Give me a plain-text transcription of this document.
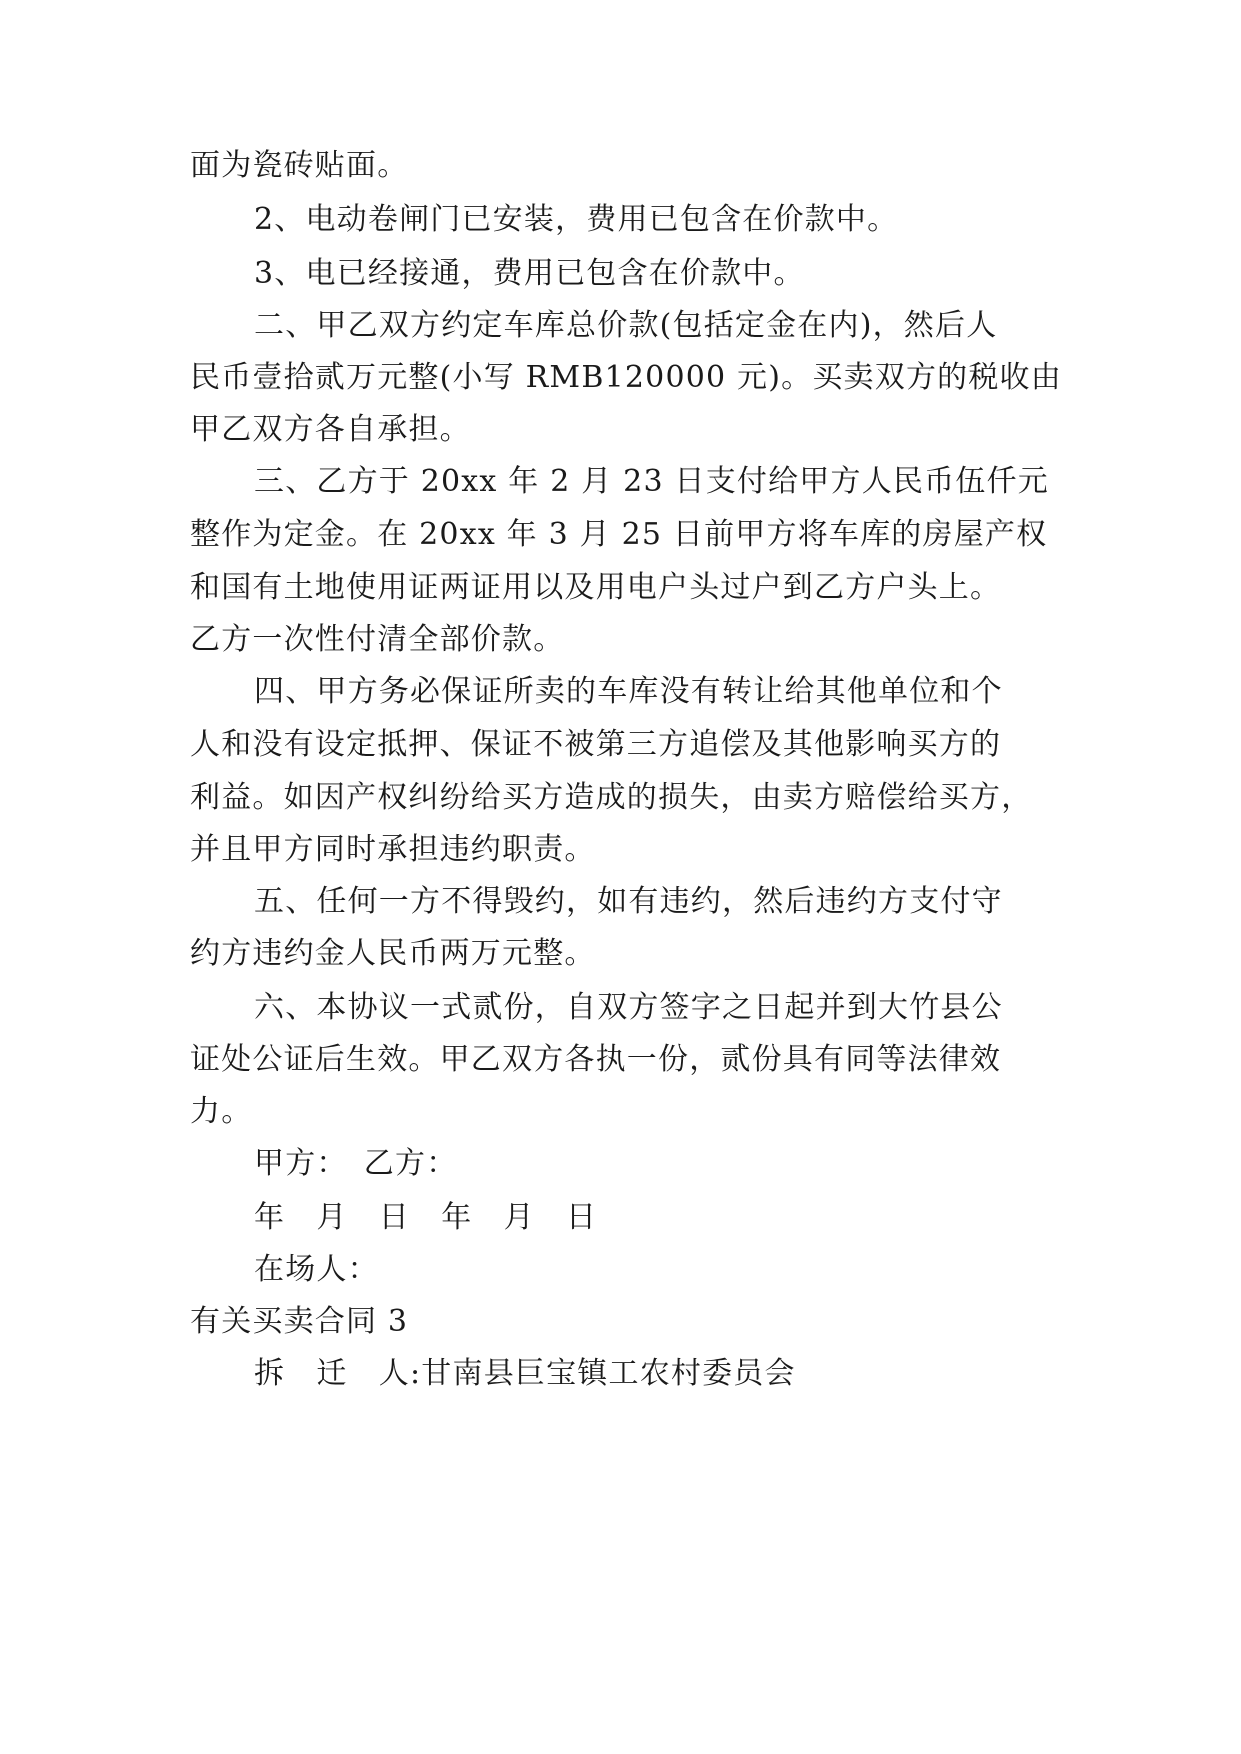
面为瓷砖贴面。
2、电动卷闸门已安装，费用已包含在价款中。
3、电已经接通，费用已包含在价款中。
二、甲乙双方约定车库总价款(包括定金在内)，然后人
民币壹拾贰万元整(小写 RMB120000 元)。买卖双方的税收由
甲乙双方各自承担。
三、乙方于 20xx 年 2 月 23 日支付给甲方人民币伍仟元
整作为定金。在 20xx 年 3 月 25 日前甲方将车库的房屋产权
和国有土地使用证两证用以及用电户头过户到乙方户头上。
乙方一次性付清全部价款。
四、甲方务必保证所卖的车库没有转让给其他单位和个
人和没有设定抵押、保证不被第三方追偿及其他影响买方的
利益。如因产权纠纷给买方造成的损失，由卖方赔偿给买方，
并且甲方同时承担违约职责。
五、任何一方不得毁约，如有违约，然后违约方支付守
约方违约金人民币两万元整。
六、本协议一式贰份，自双方签字之日起并到大竹县公
证处公证后生效。甲乙双方各执一份，贰份具有同等法律效
力。
甲方：　乙方：
年　月　日　年　月　日
在场人：
有关买卖合同 3
拆　迁　人:甘南县巨宝镇工农村委员会
